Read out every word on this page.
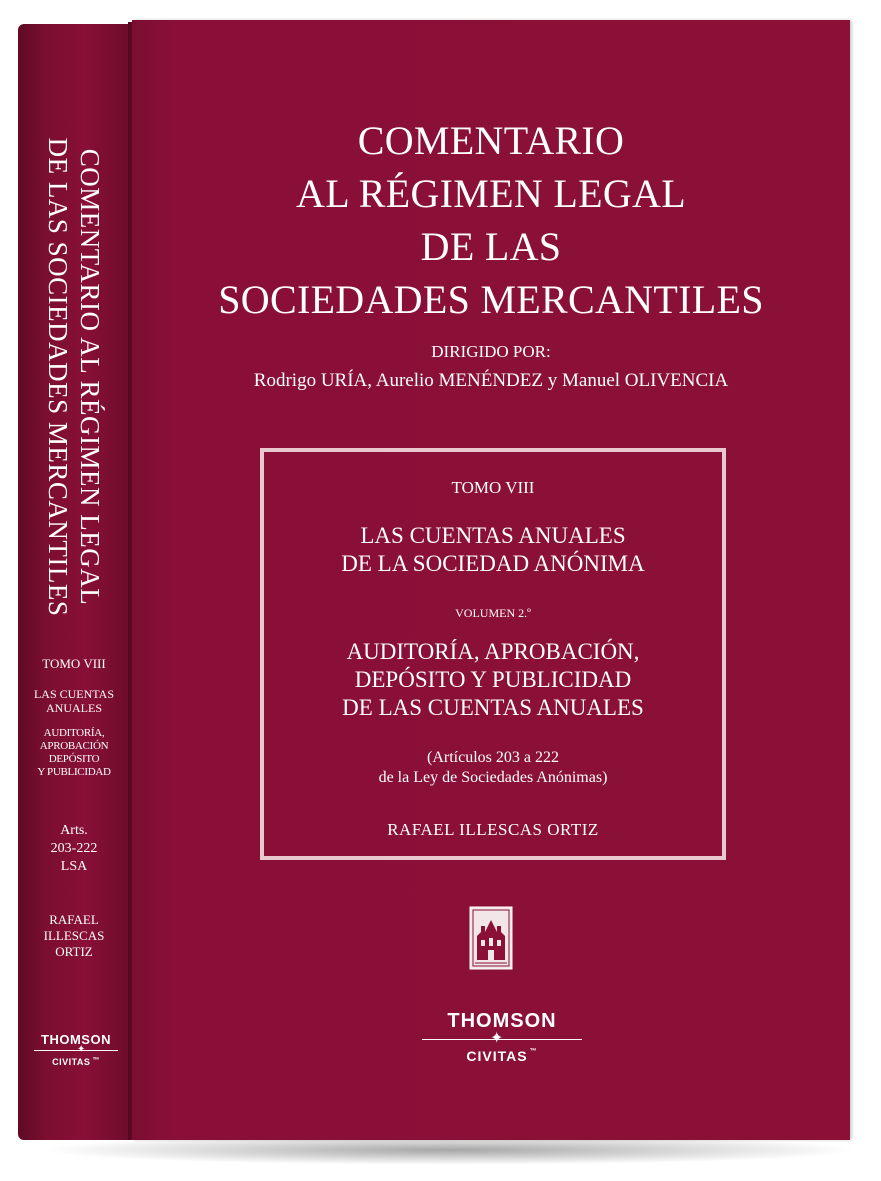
COMENTARIO AL RÉGIMEN LEGAL
DE LAS SOCIEDADES MERCANTILES
TOMO VIII
LAS CUENTAS
ANUALES
AUDITORÍA,
APROBACIÓN
DEPÓSITO
Y PUBLICIDAD
Arts.
203-222
LSA
RAFAEL
ILLESCAS
ORTIZ
THOMSON
✦
CIVITAS ™
COMENTARIO
AL RÉGIMEN LEGAL
DE LAS
SOCIEDADES MERCANTILES
DIRIGIDO POR:
Rodrigo URÍA, Aurelio MENÉNDEZ y Manuel OLIVENCIA
TOMO VIII
LAS CUENTAS ANUALES
DE LA SOCIEDAD ANÓNIMA
VOLUMEN 2.º
AUDITORÍA, APROBACIÓN,
DEPÓSITO Y PUBLICIDAD
DE LAS CUENTAS ANUALES
(Artículos 203 a 222
de la Ley de Sociedades Anónimas)
RAFAEL ILLESCAS ORTIZ
THOMSON
✦
CIVITAS ™
